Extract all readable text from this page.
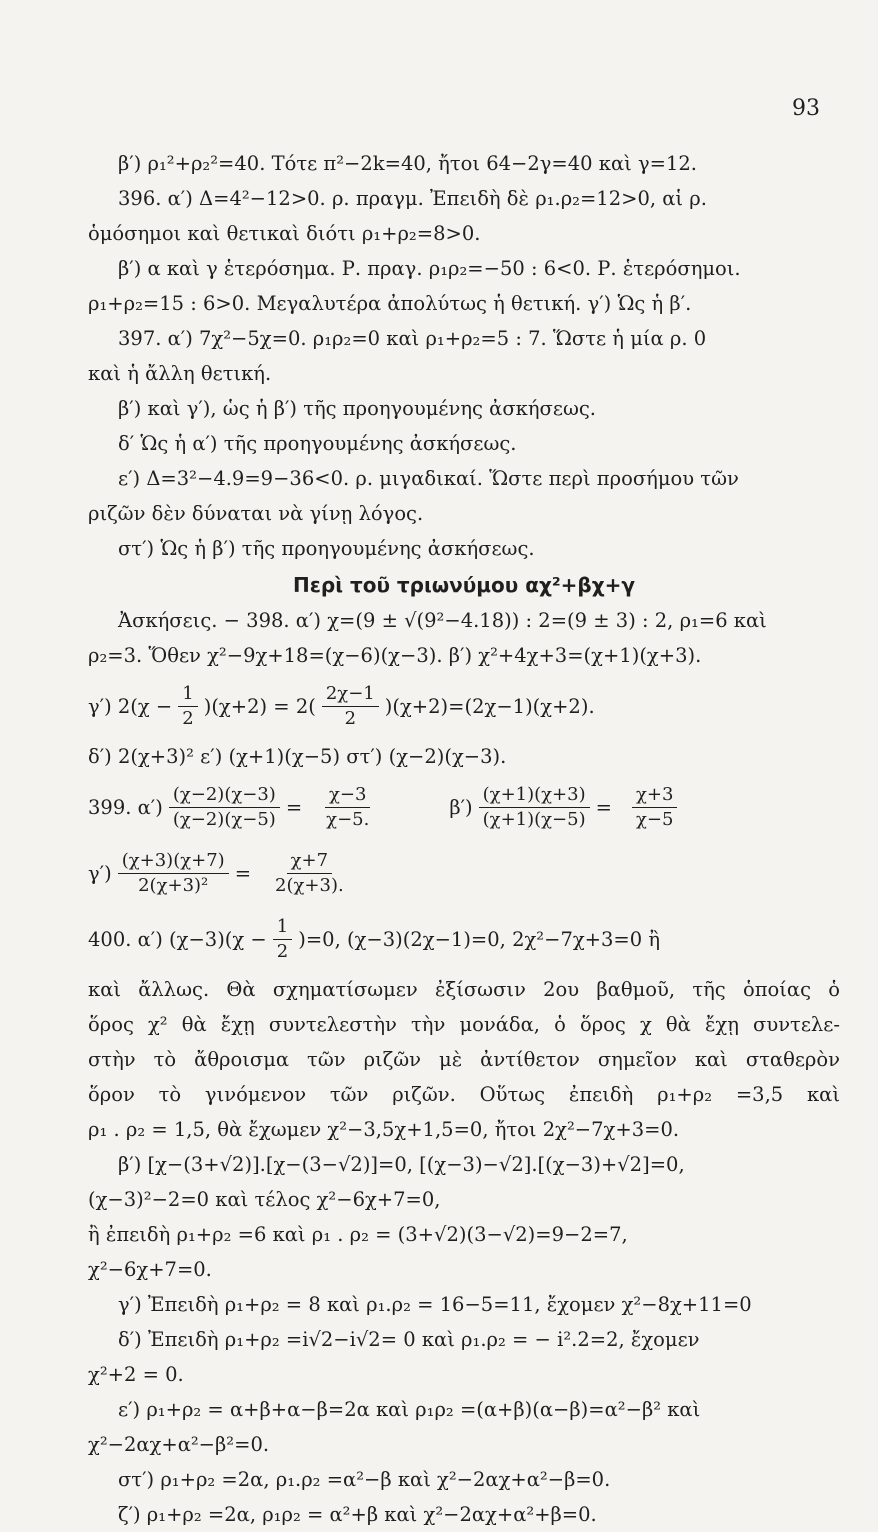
93
β′) ρ₁²+ρ₂²=40. Τότε π²−2k=40, ἤτοι 64−2γ=40 καὶ γ=12.
396. α′) Δ=4²−12>0. ρ. πραγμ. Ἐπειδὴ δὲ ρ₁.ρ₂=12>0, αἱ ρ.
ὁμόσημοι καὶ θετικαὶ διότι ρ₁+ρ₂=8>0.
β′) α καὶ γ ἑτερόσημα. Ρ. πραγ. ρ₁ρ₂=−50 : 6<0. Ρ. ἑτερόσημοι.
ρ₁+ρ₂=15 : 6>0. Μεγαλυτέρα ἀπολύτως ἡ θετική. γ′) Ὡς ἡ β′.
397. α′) 7χ²−5χ=0. ρ₁ρ₂=0 καὶ ρ₁+ρ₂=5 : 7. Ὥστε ἡ μία ρ. 0
καὶ ἡ ἄλλη θετική.
β′) καὶ γ′), ὡς ἡ β′) τῆς προηγουμένης ἀσκήσεως.
δ′ Ὡς ἡ α′) τῆς προηγουμένης ἀσκήσεως.
ε′) Δ=3²−4.9=9−36<0. ρ. μιγαδικαί. Ὥστε περὶ προσήμου τῶν
ριζῶν δὲν δύναται νὰ γίνῃ λόγος.
στ′) Ὡς ἡ β′) τῆς προηγουμένης ἀσκήσεως.
Περὶ τοῦ τριωνύμου αχ²+βχ+γ
Ἀσκήσεις. − 398. α′) χ=(9 ± √(9²−4.18)) : 2=(9 ± 3) : 2, ρ₁=6 καὶ
ρ₂=3. Ὅθεν χ²−9χ+18=(χ−6)(χ−3). β′) χ²+4χ+3=(χ+1)(χ+3).
γ′) $2(\chi - \frac{1}{2} )(\chi+2) = 2( \frac{2\chi-1}{2} )(\chi+2)=(2\chi-1)(\chi+2)$.
δ′) 2(χ+3)² ε′) (χ+1)(χ−5) στ′) (χ−2)(χ−3).
399. $\alpha') \frac{(\chi-2)(\chi-3)}{(\chi-2)(\chi-5)} = \frac{\chi-3}{\chi-5.}$	$\beta') \frac{(\chi+1)(\chi+3)}{(\chi+1)(\chi-5)} = \frac{\chi+3}{\chi-5}$
$\gamma') \frac{(\chi+3)(\chi+7)}{\text{2(χ+3)²}} = \frac{\chi+7}{2(\chi+3).}$
400. α′) $(\chi-3)(\chi - \frac{1}{2} )=0$, (χ−3)(2χ−1)=0, 2χ²−7χ+3=0 ἢ
καὶ ἄλλως. Θὰ σχηματίσωμεν ἐξίσωσιν 2ου βαθμοῦ, τῆς ὁποίας ὁ
ὅρος χ² θὰ ἔχῃ συντελεστὴν τὴν μονάδα, ὁ ὅρος χ θὰ ἔχῃ συντελε-
στὴν τὸ ἄθροισμα τῶν ριζῶν μὲ ἀντίθετον σημεῖον καὶ σταθερὸν
ὅρον τὸ γινόμενον τῶν ριζῶν. Οὕτως ἐπειδὴ ρ₁+ρ₂ =3,5 καὶ
ρ₁ . ρ₂ = 1,5, θὰ ἔχωμεν χ²−3,5χ+1,5=0, ἤτοι 2χ²−7χ+3=0.
β′) [χ−(3+√2)].[χ−(3−√2)]=0, [(χ−3)−√2].[(χ−3)+√2]=0,
(χ−3)²−2=0 καὶ τέλος χ²−6χ+7=0,
ἢ ἐπειδὴ ρ₁+ρ₂ =6 καὶ ρ₁ . ρ₂ = (3+√2)(3−√2)=9−2=7,
χ²−6χ+7=0.
γ′) Ἐπειδὴ ρ₁+ρ₂ = 8 καὶ ρ₁.ρ₂ = 16−5=11, ἔχομεν χ²−8χ+11=0
δ′) Ἐπειδὴ ρ₁+ρ₂ =i√2−i√2= 0 καὶ ρ₁.ρ₂ = − i².2=2, ἔχομεν
χ²+2 = 0.
ε′) ρ₁+ρ₂ = α+β+α−β=2α καὶ ρ₁ρ₂ =(α+β)(α−β)=α²−β² καὶ
χ²−2αχ+α²−β²=0.
στ′) ρ₁+ρ₂ =2α, ρ₁.ρ₂ =α²−β καὶ χ²−2αχ+α²−β=0.
ζ′) ρ₁+ρ₂ =2α, ρ₁ρ₂ = α²+β καὶ χ²−2αχ+α²+β=0.
